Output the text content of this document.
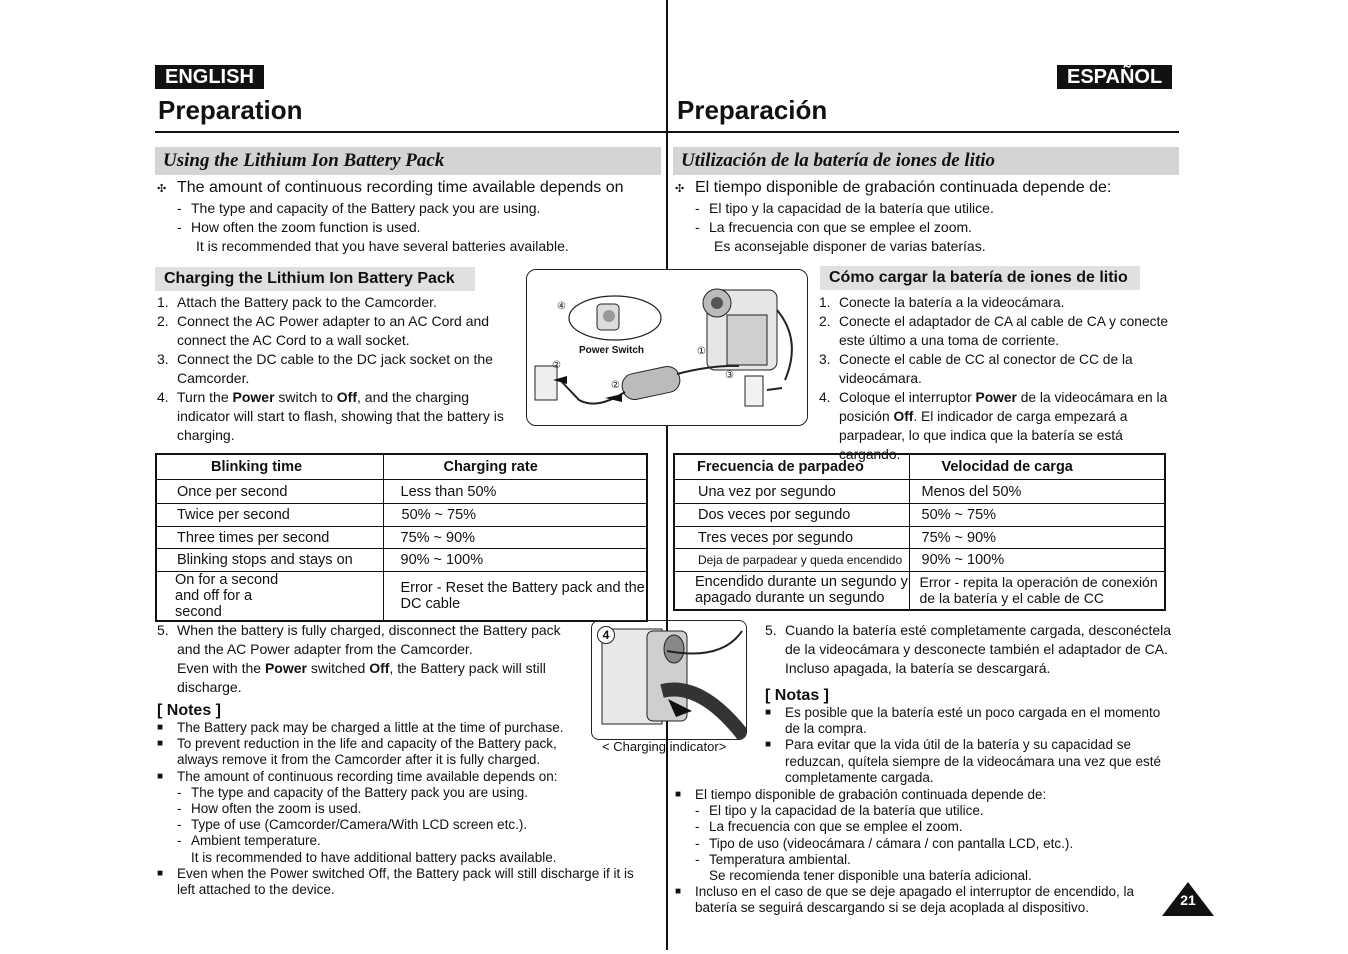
ENGLISH	ESPAÑOL
Preparation	Preparación
Using the Lithium Ion Battery Pack	Utilización de la batería de iones de litio
✣ The amount of continuous recording time available depends on
- The type and capacity of the Battery pack you are using.
- How often the zoom function is used.
It is recommended that you have several batteries available.
✣ El tiempo disponible de grabación continuada depende de:
- El tipo y la capacidad de la batería que utilice.
- La frecuencia con que se emplee el zoom.
Es aconsejable disponer de varias baterías.
Charging the Lithium Ion Battery Pack	Cómo cargar la batería de iones de litio
1. Attach the Battery pack to the Camcorder.
2. Connect the AC Power adapter to an AC Cord and connect the AC Cord to a wall socket.
3. Connect the DC cable to the DC jack socket on the Camcorder.
4. Turn the Power switch to Off, and the charging indicator will start to flash, showing that the battery is charging.
1. Conecte la batería a la videocámara.
2. Conecte el adaptador de CA al cable de CA y conecte este último a una toma de corriente.
3. Conecte el cable de CC al conector de CC de la videocámara.
4. Coloque el interruptor Power de la videocámara en la posición Off. El indicador de carga empezará a parpadear, lo que indica que la batería se está cargando.
④
②
①
③
②
Power Switch
Blinking time	Charging rate
Once per second	Less than 50%
Twice per second	50% ~ 75%
Three times per second	75% ~ 90%
Blinking stops and stays on	90% ~ 100%
On for a second and off for a second	Error - Reset the Battery pack and the DC cable
Frecuencia de parpadeo	Velocidad de carga
Una vez por segundo	Menos del 50%
Dos veces por segundo	50% ~ 75%
Tres veces por segundo	75% ~ 90%
Deja de parpadear y queda encendido	90% ~ 100%
Encendido durante un segundo y apagado durante un segundo	Error - repita la operación de conexión de la batería y el cable de CC
5. When the battery is fully charged, disconnect the Battery pack and the AC Power adapter from the Camcorder.
Even with the Power switched Off, the Battery pack will still discharge.
4
< Charging indicator>
5. Cuando la batería esté completamente cargada, desconéctela de la videocámara y desconecte también el adaptador de CA.
Incluso apagada, la batería se descargará.
[ Notes ]
■ The Battery pack may be charged a little at the time of purchase.
■ To prevent reduction in the life and capacity of the Battery pack, always remove it from the Camcorder after it is fully charged.
■ The amount of continuous recording time available depends on:
- The type and capacity of the Battery pack you are using.
- How often the zoom is used.
- Type of use (Camcorder/Camera/With LCD screen etc.).
- Ambient temperature.
It is recommended to have additional battery packs available.
■ Even when the Power switched Off, the Battery pack will still discharge if it is left attached to the device.
[ Notas ]
■ Es posible que la batería esté un poco cargada en el momento de la compra.
■ Para evitar que la vida útil de la batería y su capacidad se reduzcan, quítela siempre de la videocámara una vez que esté completamente cargada.
■ El tiempo disponible de grabación continuada depende de:
- El tipo y la capacidad de la batería que utilice.
- La frecuencia con que se emplee el zoom.
- Tipo de uso (videocámara / cámara / con pantalla LCD, etc.).
- Temperatura ambiental.
Se recomienda tener disponible una batería adicional.
■ Incluso en el caso de que se deje apagado el interruptor de encendido, la batería se seguirá descargando si se deja acoplada al dispositivo.	21
